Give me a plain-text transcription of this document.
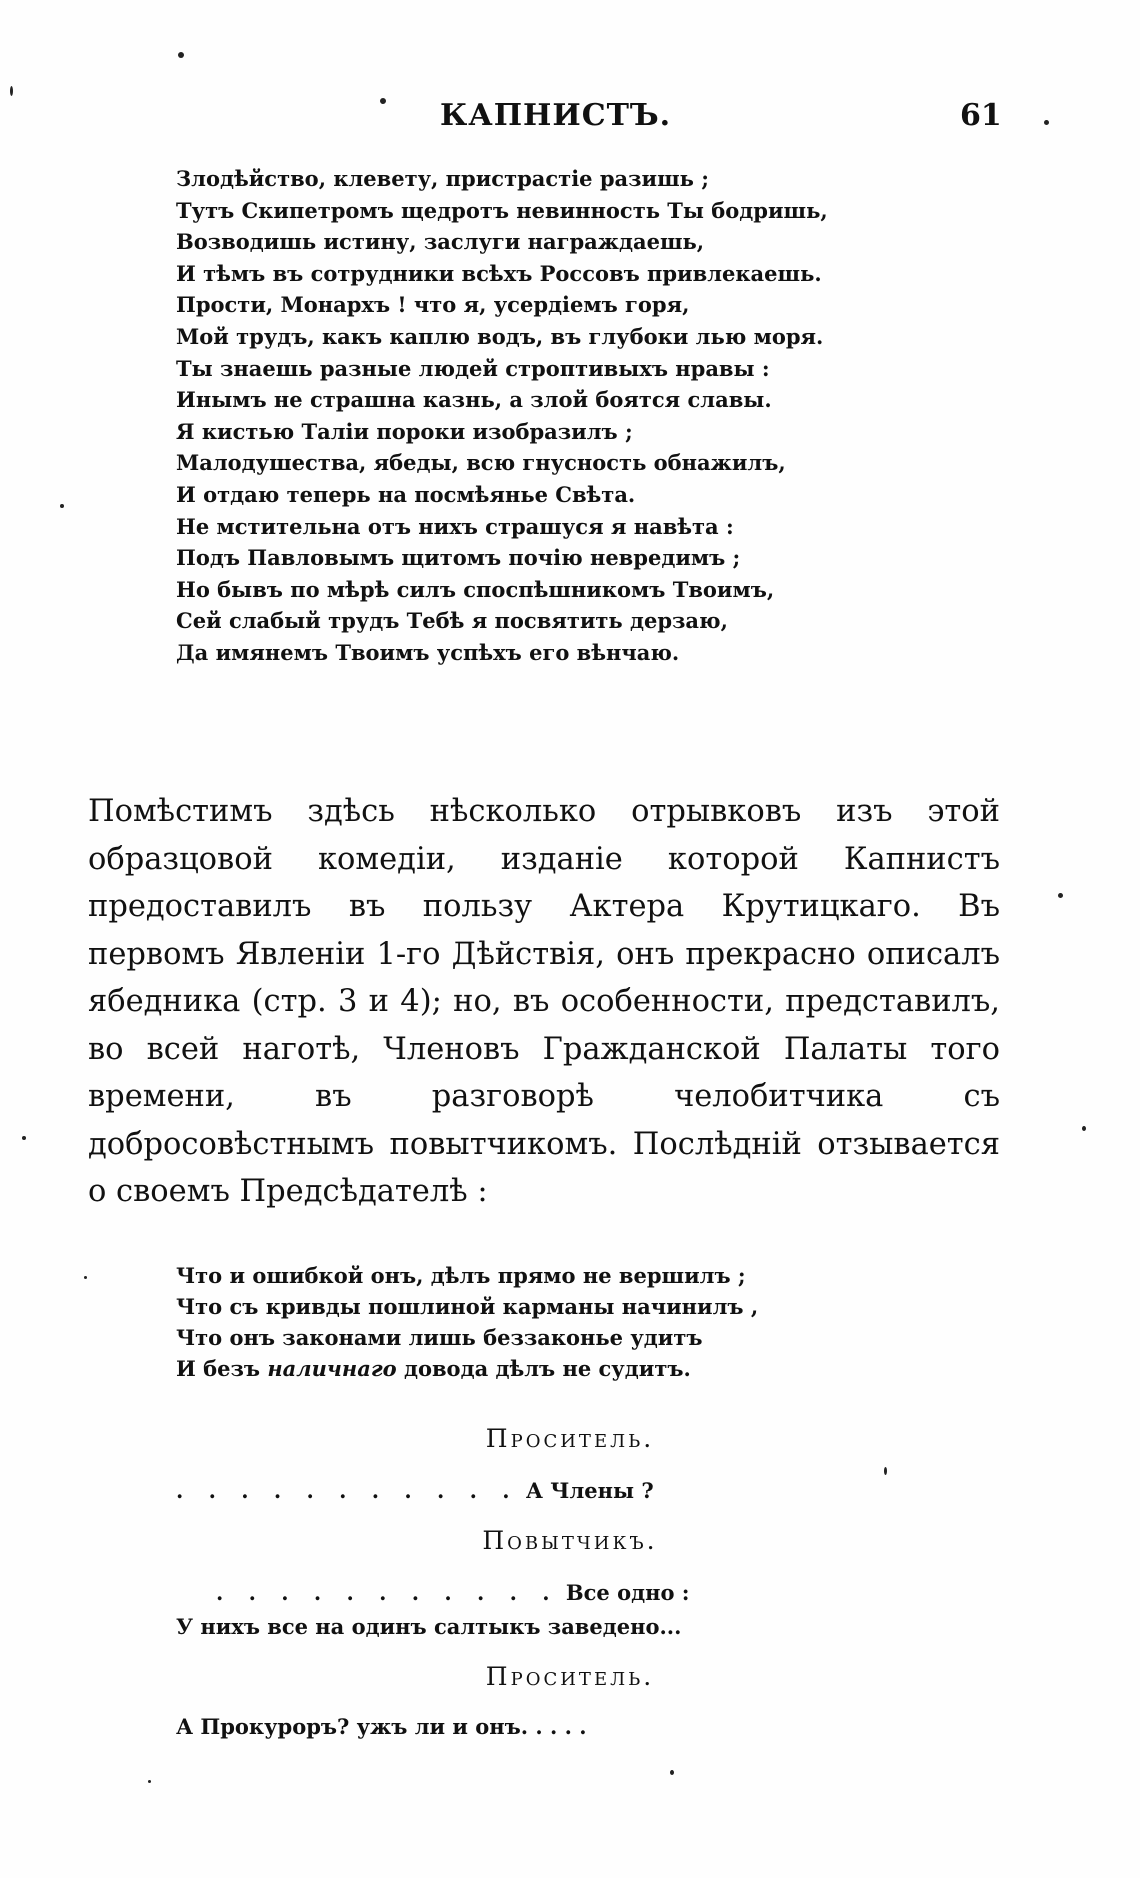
КАПНИСТЪ.	61
Злодѣйство, клевету, пристрастіе разишь ;
Тутъ Скипетромъ щедротъ невинность Ты бодришь,
Возводишь истину, заслуги награждаешь,
И тѣмъ въ сотрудники всѣхъ Россовъ привлекаешь.
Прости, Монархъ ! что я, усердіемъ горя,
Мой трудъ, какъ каплю водъ, въ глубоки лью моря.
Ты знаешь разные людей строптивыхъ нравы :
Инымъ не страшна казнь, а злой боятся славы.
Я кистью Таліи пороки изобразилъ ;
Малодушества, ябеды, всю гнусность обнажилъ,
И отдаю теперь на посмѣянье Свѣта.
Не мстительна отъ нихъ страшуся я навѣта :
Подъ Павловымъ щитомъ почію невредимъ ;
Но бывъ по мѣрѣ силъ споспѣшникомъ Твоимъ,
Сей слабый трудъ Тебѣ я посвятить дерзаю,
Да имянемъ Твоимъ успѣхъ его вѣнчаю.

Помѣстимъ здѣсь нѣсколько отрывковъ изъ этой образцовой комедіи, изданіе которой Капнистъ предоставилъ въ пользу Актера Крутицкаго. Въ первомъ Явленіи 1-го Дѣйствія, онъ прекрасно описалъ ябедника (стр. 3 и 4); но, въ особенности, представилъ, во всей наготѣ, Членовъ Гражданской Палаты того времени, въ разговорѣ челобитчика съ добросовѣстнымъ повытчикомъ. Послѣдній отзывается о своемъ Предсѣдателѣ :

Что и ошибкой онъ, дѣлъ прямо не вершилъ ;
Что съ кривды пошлиной карманы начинилъ ,
Что онъ законами лишь беззаконье удитъ
И безъ наличнаго довода дѣлъ не судитъ.
Проситель.
. . . . . . . . . . . А Члены ?
Повытчикъ.
. . . . . . . . . . . Все одно :
У нихъ все на одинъ салтыкъ заведено...
Проситель.
А Прокуроръ? ужъ ли и онъ. . . . .
